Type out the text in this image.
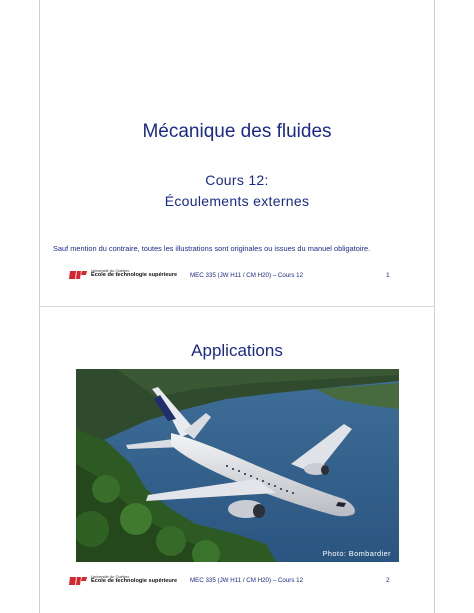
Mécanique des fluides
Cours 12:
Écoulements externes
Sauf mention du contraire, toutes les illustrations sont originales ou issues du manuel obligatoire.
Université du Québec
École de technologie supérieure MEC 335 (JW H11 / CM H20) – Cours 12	1
Applications
Photo: Bombardier
Université du Québec
École de technologie supérieure MEC 335 (JW H11 / CM H20) – Cours 12	2
